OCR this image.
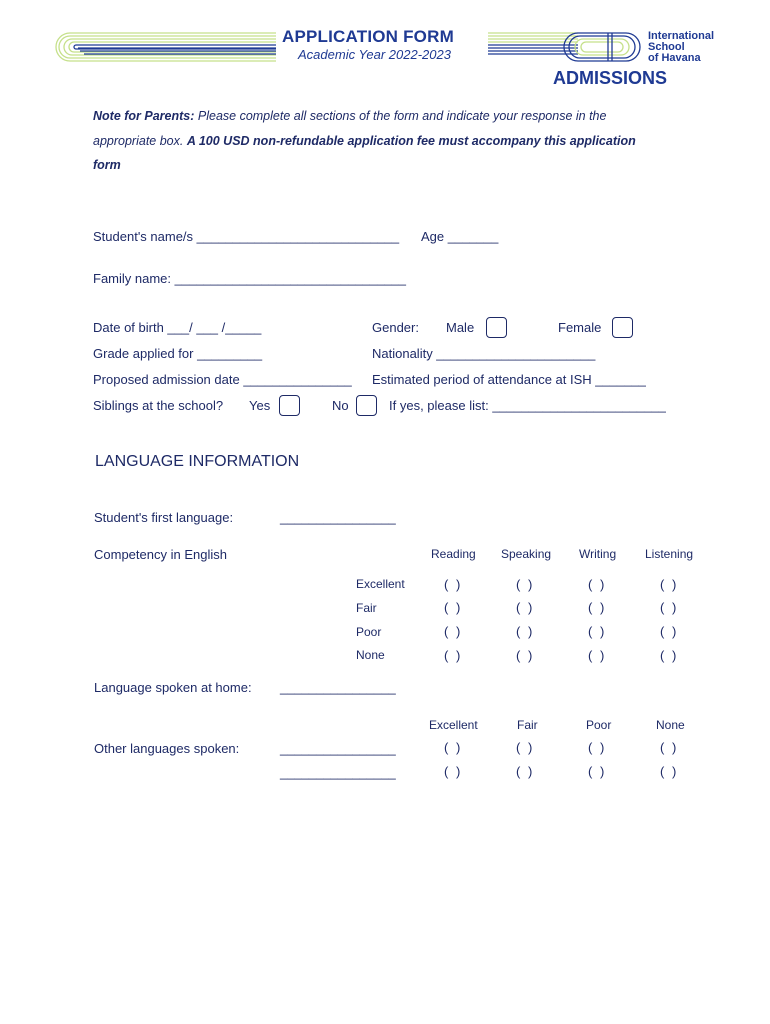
APPLICATION FORM
Academic Year 2022-2023
International
School
of Havana
ADMISSIONS
Note for Parents: Please complete all sections of the form and indicate your response in the
appropriate box. A 100 USD non-refundable application fee must accompany this application
form
Student's name/s ____________________________ Age _______
Family name: ________________________________
Date of birth ___/ ___ /_____	Gender: Male	Female
Grade applied for _________	Nationality ______________________
Proposed admission date _______________ Estimated period of attendance at ISH _______
Siblings at the school? Yes	No	If yes, please list: ________________________
LANGUAGE INFORMATION
Student's first language:	________________
Competency in English	Reading Speaking Writing Listening
Excellent	( )	( )	( )	( )
Fair	( )	( )	( )	( )
Poor	( )	( )	( )	( )
None	( )	( )	( )	( )
Language spoken at home: ________________
Excellent	Fair	Poor	None
Other languages spoken:	________________	( )	( )	( )	( )
________________	( )	( )	( )	( )
